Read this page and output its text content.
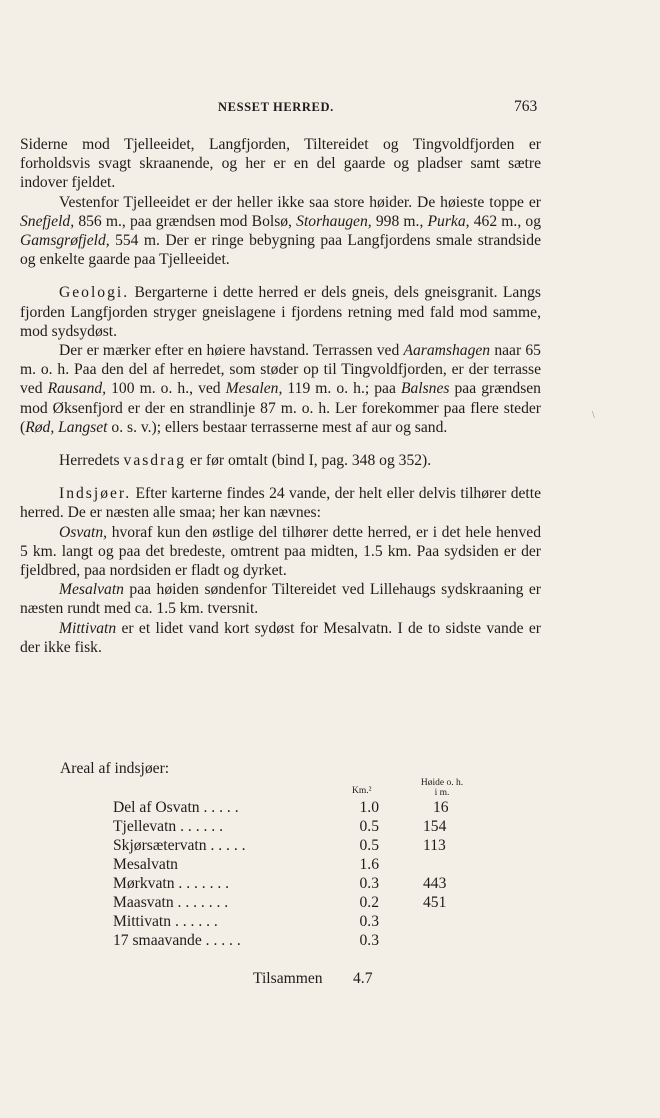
NESSET HERRED.	763

Siderne mod Tjelleeidet, Langfjorden, Tiltereidet og Tingvoldfjorden er forholdsvis svagt skraanende, og her er en del gaarde og pladser samt sætre indover fjeldet.

Vestenfor Tjelleeidet er der heller ikke saa store høider. De høieste toppe er Snefjeld, 856 m., paa grændsen mod Bolsø, Storhaugen, 998 m., Purka, 462 m., og Gamsgrøfjeld, 554 m. Der er ringe bebygning paa Langfjordens smale strandside og enkelte gaarde paa Tjelleeidet.

Geologi. Bergarterne i dette herred er dels gneis, dels gneisgranit. Langs fjorden Langfjorden stryger gneislagene i fjordens retning med fald mod samme, mod sydsydøst.

Der er mærker efter en høiere havstand. Terrassen ved Aaramshagen naar 65 m. o. h. Paa den del af herredet, som støder op til Tingvoldfjorden, er der terrasse ved Rausand, 100 m. o. h., ved Mesalen, 119 m. o. h.; paa Balsnes paa grændsen mod Øksenfjord er der en strandlinje 87 m. o. h. Ler forekommer paa flere steder (Rød, Langset o. s. v.); ellers bestaar terrasserne mest af aur og sand.

Herredets vasdrag er før omtalt (bind I, pag. 348 og 352).

Indsjøer. Efter karterne findes 24 vande, der helt eller delvis tilhører dette herred. De er næsten alle smaa; her kan nævnes:

Osvatn, hvoraf kun den østlige del tilhører dette herred, er i det hele henved 5 km. langt og paa det bredeste, omtrent paa midten, 1.5 km. Paa sydsiden er der fjeldbred, paa nordsiden er fladt og dyrket.

Mesalvatn paa høiden søndenfor Tiltereidet ved Lillehaugs sydskraaning er næsten rundt med ca. 1.5 km. tversnit.

Mittivatn er et lidet vand kort sydøst for Mesalvatn. I de to sidste vande er der ikke fisk.

Areal af indsjøer:
Km.²
Høide o. h.
i m.
Del af Osvatn . . . . .	1.0	16
Tjellevatn . . . . . .	0.5	154
Skjørsætervatn . . . . .	0.5	113
Mesalvatn	1.6
Mørkvatn . . . . . . .	0.3	443
Maasvatn . . . . . . .	0.2	451
Mittivatn . . . . . .	0.3
17 smaavande . . . . .	0.3
Tilsammen 4.7
\
